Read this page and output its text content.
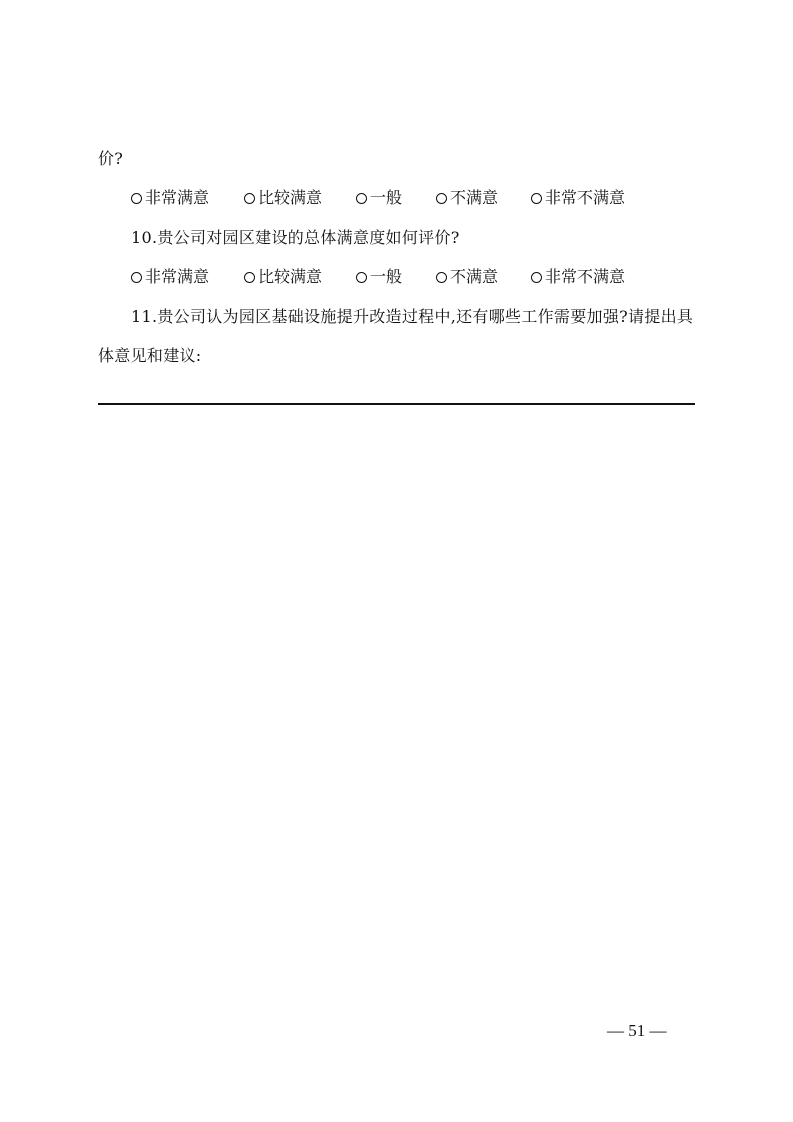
价?
非常满意	比较满意	一般	不满意	非常不满意
10.贵公司对园区建设的总体满意度如何评价?
非常满意	比较满意	一般	不满意	非常不满意
11.贵公司认为园区基础设施提升改造过程中,还有哪些工作需要加强?请提出具
体意见和建议:
— 51 —
